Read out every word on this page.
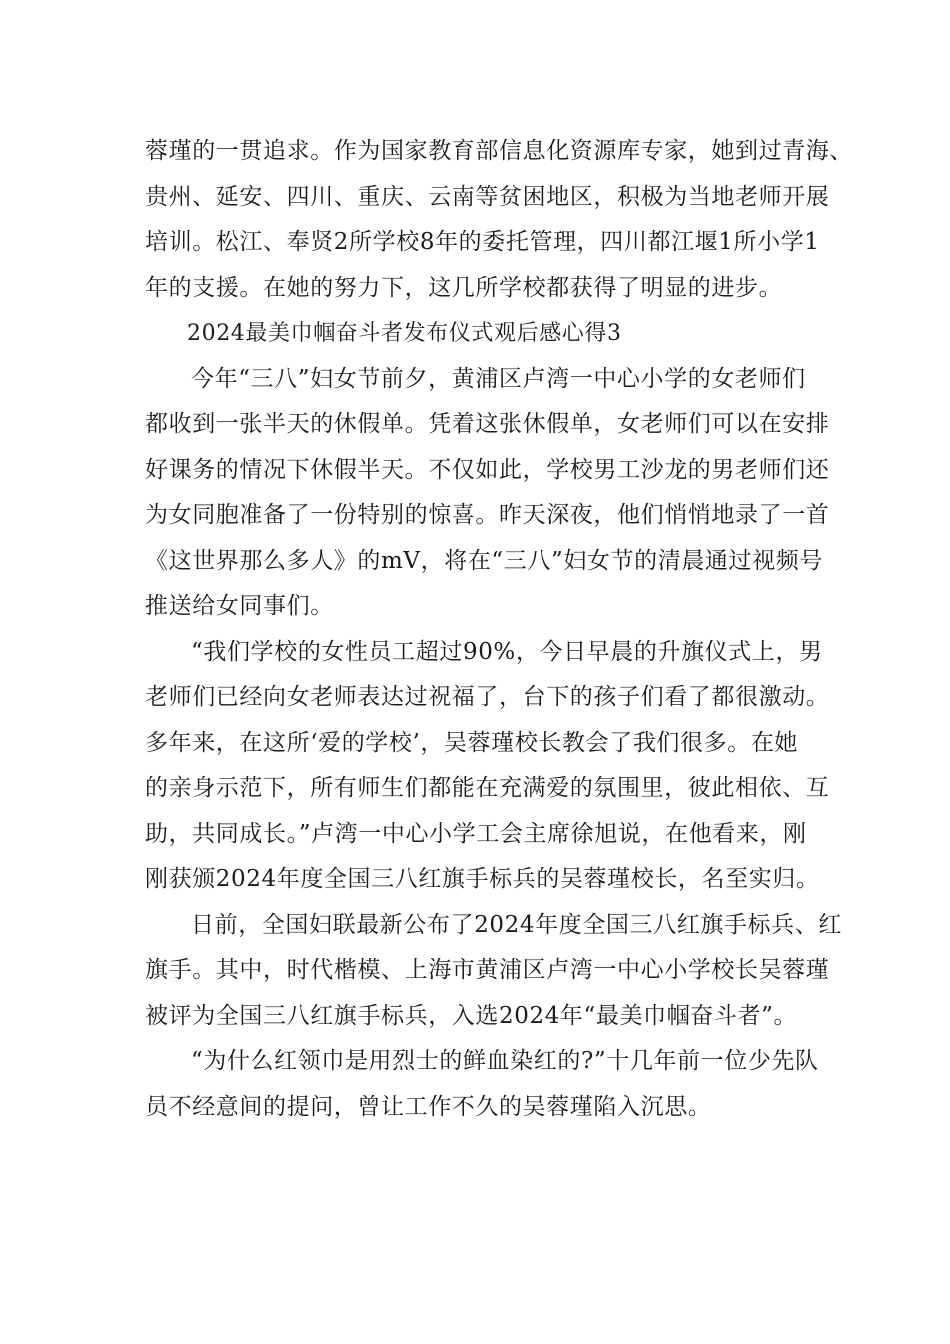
蓉瑾的一贯追求。作为国家教育部信息化资源库专家，她到过青海、
贵州、延安、四川、重庆、云南等贫困地区，积极为当地老师开展
培训。松江、奉贤2所学校8年的委托管理，四川都江堰1所小学1
年的支援。在她的努力下，这几所学校都获得了明显的进步。
2024最美巾帼奋斗者发布仪式观后感心得3
今年“三八”妇女节前夕，黄浦区卢湾一中心小学的女老师们
都收到一张半天的休假单。凭着这张休假单，女老师们可以在安排
好课务的情况下休假半天。不仅如此，学校男工沙龙的男老师们还
为女同胞准备了一份特别的惊喜。昨天深夜，他们悄悄地录了一首
《这世界那么多人》的mV，将在“三八”妇女节的清晨通过视频号
推送给女同事们。
“我们学校的女性员工超过90%，今日早晨的升旗仪式上，男
老师们已经向女老师表达过祝福了，台下的孩子们看了都很激动。
多年来，在这所‘爱的学校’，吴蓉瑾校长教会了我们很多。在她
的亲身示范下，所有师生们都能在充满爱的氛围里，彼此相依、互
助，共同成长。”卢湾一中心小学工会主席徐旭说，在他看来，刚
刚获颁2024年度全国三八红旗手标兵的吴蓉瑾校长，名至实归。
日前，全国妇联最新公布了2024年度全国三八红旗手标兵、红
旗手。其中，时代楷模、上海市黄浦区卢湾一中心小学校长吴蓉瑾
被评为全国三八红旗手标兵，入选2024年“最美巾帼奋斗者”。
“为什么红领巾是用烈士的鲜血染红的?”十几年前一位少先队
员不经意间的提问，曾让工作不久的吴蓉瑾陷入沉思。
